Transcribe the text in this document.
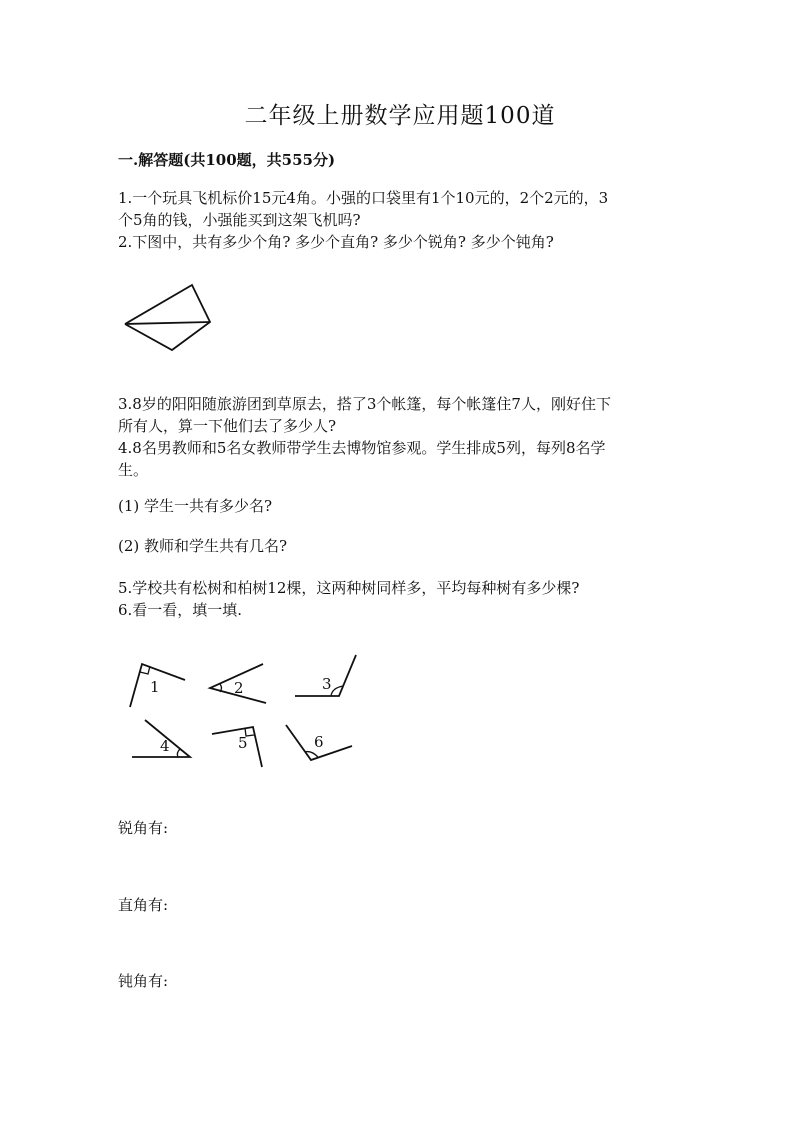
二年级上册数学应用题100道
一.解答题(共100题，共555分)
1.一个玩具飞机标价15元4角。小强的口袋里有1个10元的，2个2元的，3
个5角的钱，小强能买到这架飞机吗?
2.下图中，共有多少个角? 多少个直角? 多少个锐角? 多少个钝角?
3.8岁的阳阳随旅游团到草原去，搭了3个帐篷，每个帐篷住7人，刚好住下
所有人，算一下他们去了多少人?
4.8名男教师和5名女教师带学生去博物馆参观。学生排成5列，每列8名学
生。
(1) 学生一共有多少名?
(2) 教师和学生共有几名?
5.学校共有松树和柏树12棵，这两种树同样多，平均每种树有多少棵?
6.看一看，填一填.
1	2	3
4	5	6
锐角有:
直角有:
钝角有:
